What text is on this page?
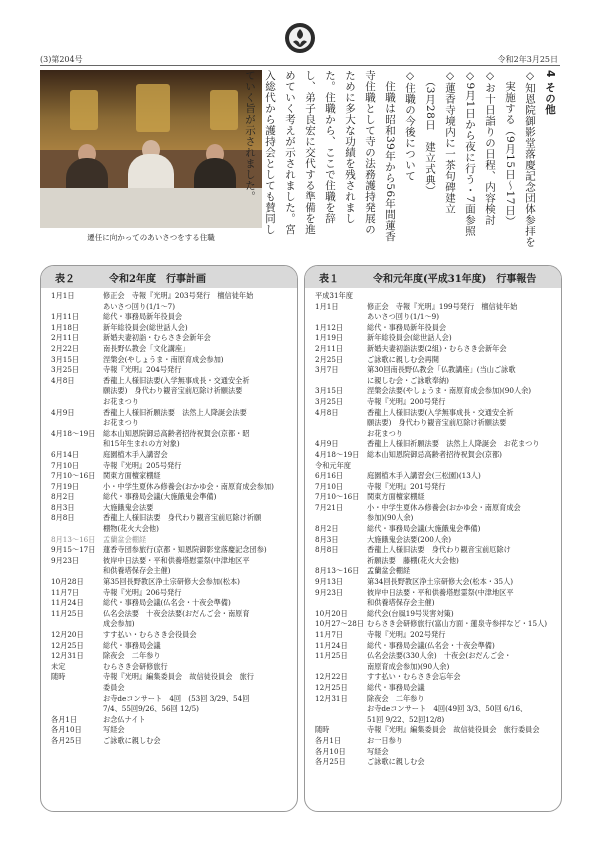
(3)第204号	令和2年3月25日
遷任に向かってのあいさつをする住職
4 その他
◇知恩院御影堂落慶記念団体参拝を
　実施する（9月15日～17日）
◇お十日詣りの日程、内容検討
◇9月1日から夜に行う・7面参照
◇蓮香寺境内に一茶句碑建立
　（3月28日　建立式典）
◇住職の今後について
　住職は昭和39年から56年間蓮香
寺住職として寺の法務護持発展の
ために多大な功績を残されまし
た。住職から、ここで住職を辞
し、弟子良宏に交代する準備を進
めていく考えが示されました。宮
入総代から護持会としても賛同し
ていく旨が示されました。
表２	令和2年度　行事計画
1月1日	修正会　寺報『光明』203号発行　檀信徒年始
あいさつ回り(1/1～7)
1月11日	総代・事務局新年役員会
1月18日	新年総役員会(総世話人会)
2月11日	新婚夫妻初詣・むらさき会新年会
2月22日	南長野仏教会「文化講座」
3月15日	涅槃会(やしょうま・南原育成会参加)
3月25日	寺報『光明』204号発行
4月8日	香龍上人様旧法要(入学無事成長・交通安全祈
願法要)　身代わり観音宝前厄除け祈願法要
お花まつり
4月9日	香龍上人様旧祈願法要　法然上人降誕会法要
お花まつり
4月18～19日	総本山知恩院御忌高齢者招待祝賀会(京都・昭
和15年生まれの方対象)
6月14日	庭園植木手入講習会
7月10日	寺報『光明』205号発行
7月10～16日	関東方面檀家棚経
7月19日	小・中学生夏休み修養会(おかゆ会・南原育成会参加)
8月2日	総代・事務局会議(大施餓鬼会準備)
8月3日	大施餓鬼会法要
8月8日	香龍上人様旧法要　身代わり観音宝前厄除け祈願
棚物(花火大会他)
8月13～16日	孟蘭盆会棚経
9月15～17日	蓮香寺団参旅行(京都・知恩院御影堂落慶記念団参)
9月23日	彼岸中日法要・平和供養塔慰霊祭(中津地区平
和供養塔保存会主催)
10月28日	第35回長野教区浄土宗研修大会参加(松本)
11月7日	寺報『光明』206号発行
11月24日	総代・事務局会議(仏名会・十夜会準備)
11月25日	仏名会法要　十夜会法要(おだんご会・南原育
成会参加)
12月20日	すす払い・むらさき会役員会
12月25日	総代・事務局会議
12月31日	除夜会　二年参り
未定	むらさき会研修旅行
随時	寺報『光明』編集委員会　故信徒役員会　旅行
委員会
お寺deコンサート　4回　(53回 3/29、54回
7/4、55回9/26、56回 12/5)
各月1日	お念仏ナイト
各月10日	写経会
各月25日	ご詠歌に親しむ会
表１	令和元年度(平成31年度)　行事報告
平成31年度
1月1日	修正会　寺報『光明』199号発行　檀信徒年始
あいさつ回り(1/1～9)
1月12日	総代・事務局新年役員会
1月19日	新年総役員会(総世話人会)
2月11日	新婚夫妻初詣法要(2組)・むらさき会新年会
2月25日	ご詠歌に親しむ会再開
3月7日	第30回南長野仏教会「仏教講座」(当山ご詠歌
に親しむ会・ご詠歌奉納)
3月15日	涅槃会法要(やしょうま・南原育成会参加)(90人余)
3月25日	寺報『光明』200号発行
4月8日	香龍上人様旧法要(入学無事成長・交通安全祈
願法要)　身代わり観音宝前厄除け祈願法要
お花まつり
4月9日	香龍上人様旧祈願法要　法然上人降誕会　お花まつり
4月18～19日	総本山知恩院御忌高齢者招待祝賀会(京都)
令和元年度
6月16日	庭園植木手入講習会(三松園)(13人)
7月10日	寺報『光明』201号発行
7月10～16日	関東方面檀家棚経
7月21日	小・中学生夏休み修養会(おかゆ会・南原育成会
参加)(90人余)
8月2日	総代・事務局会議(大施餓鬼会準備)
8月3日	大施餓鬼会法要(200人余)
8月8日	香龍上人様旧法要　身代わり観音宝前厄除け
祈願法要　藤棚(花火大会他)
8月13～16日	孟蘭盆会棚経
9月13日	第34回長野教区浄土宗研修大会(松本・35人)
9月23日	彼岸中日法要・平和供養塔慰霊祭(中津地区平
和供養塔保存会主催)
10月20日	総代会(台風19号災害対策)
10月27～28日 むらさき会研修旅行(富山方面・蓮泉寺参拝など・15人)
11月7日	寺報『光明』202号発行
11月24日	総代・事務局会議(仏名会・十夜会準備)
11月25日	仏名会法要(330人余)　十夜会(おだんご会・
南原育成会参加)(90人余)
12月22日	すす払い・むらさき会忘年会
12月25日	総代・事務局会議
12月31日	除夜会　二年参り
お寺deコンサート　4回(49回 3/3、50回 6/16、
51回 9/22、52回12/8)
随時	寺報『光明』編集委員会　故信徒役員会　旅行委員会
各月1日	お一日参り
各月10日	写経会
各月25日	ご詠歌に親しむ会
